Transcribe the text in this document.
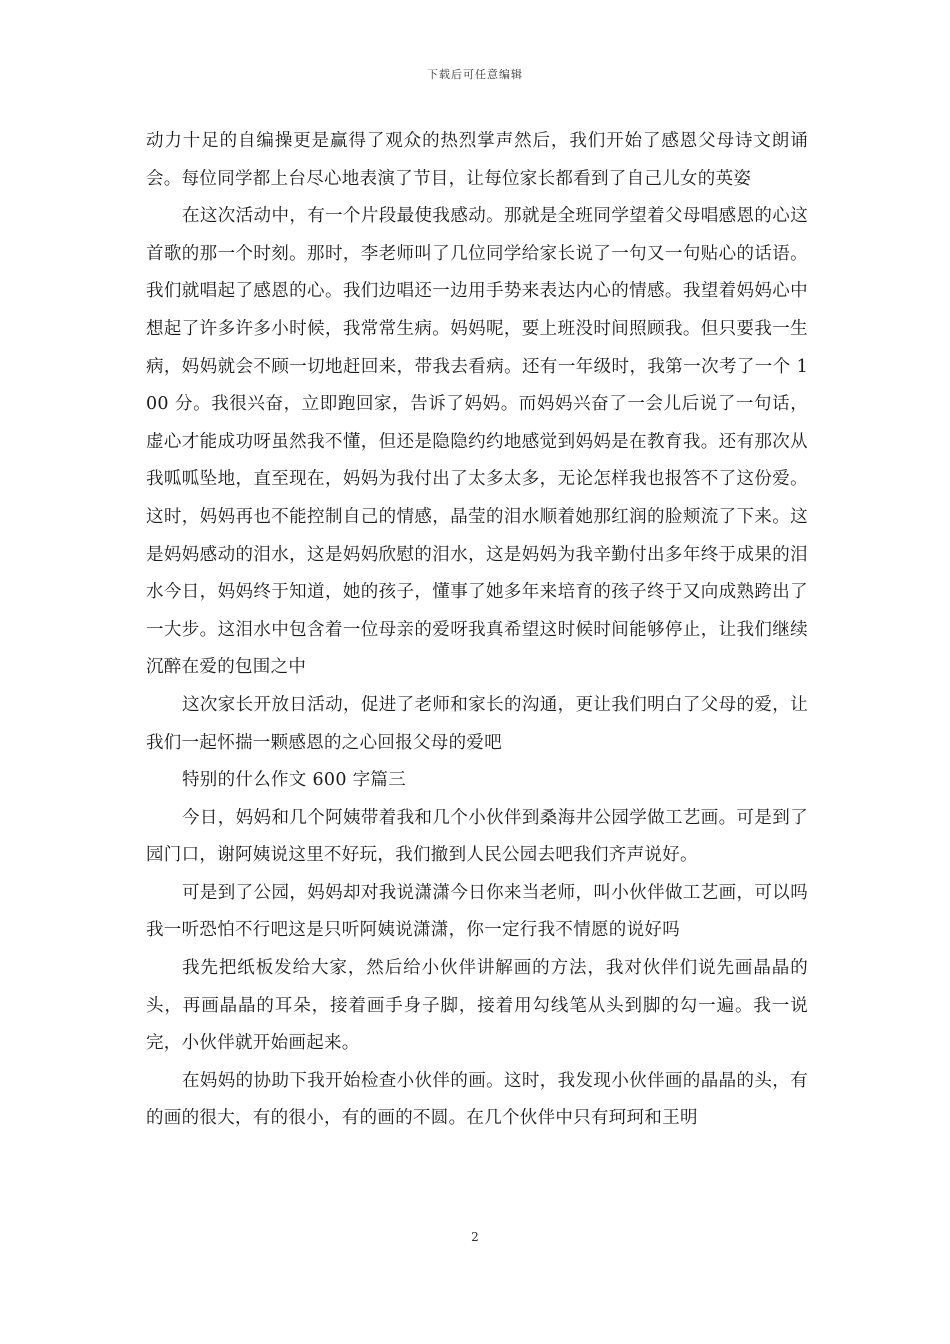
下载后可任意编辑

动力十足的自编操更是赢得了观众的热烈掌声然后，我们开始了感恩父母诗文朗诵会。每位同学都上台尽心地表演了节目，让每位家长都看到了自己儿女的英姿

在这次活动中，有一个片段最使我感动。那就是全班同学望着父母唱感恩的心这首歌的那一个时刻。那时，李老师叫了几位同学给家长说了一句又一句贴心的话语。我们就唱起了感恩的心。我们边唱还一边用手势来表达内心的情感。我望着妈妈心中想起了许多许多小时候，我常常生病。妈妈呢，要上班没时间照顾我。但只要我一生病，妈妈就会不顾一切地赶回来，带我去看病。还有一年级时，我第一次考了一个 100 分。我很兴奋，立即跑回家，告诉了妈妈。而妈妈兴奋了一会儿后说了一句话，虚心才能成功呀虽然我不懂，但还是隐隐约约地感觉到妈妈是在教育我。还有那次从我呱呱坠地，直至现在，妈妈为我付出了太多太多，无论怎样我也报答不了这份爱。这时，妈妈再也不能控制自己的情感，晶莹的泪水顺着她那红润的脸颊流了下来。这是妈妈感动的泪水，这是妈妈欣慰的泪水，这是妈妈为我辛勤付出多年终于成果的泪水今日，妈妈终于知道，她的孩子，懂事了她多年来培育的孩子终于又向成熟跨出了一大步。这泪水中包含着一位母亲的爱呀我真希望这时候时间能够停止，让我们继续沉醉在爱的包围之中

这次家长开放日活动，促进了老师和家长的沟通，更让我们明白了父母的爱，让我们一起怀揣一颗感恩的之心回报父母的爱吧

特别的什么作文 600 字篇三

今日，妈妈和几个阿姨带着我和几个小伙伴到桑海井公园学做工艺画。可是到了园门口，谢阿姨说这里不好玩，我们撤到人民公园去吧我们齐声说好。

可是到了公园，妈妈却对我说潇潇今日你来当老师，叫小伙伴做工艺画，可以吗我一听恐怕不行吧这是只听阿姨说潇潇，你一定行我不情愿的说好吗

我先把纸板发给大家，然后给小伙伴讲解画的方法，我对伙伴们说先画晶晶的头，再画晶晶的耳朵，接着画手身子脚，接着用勾线笔从头到脚的勾一遍。我一说完，小伙伴就开始画起来。

在妈妈的协助下我开始检查小伙伴的画。这时，我发现小伙伴画的晶晶的头，有的画的很大，有的很小，有的画的不圆。在几个伙伴中只有珂珂和王明

2
